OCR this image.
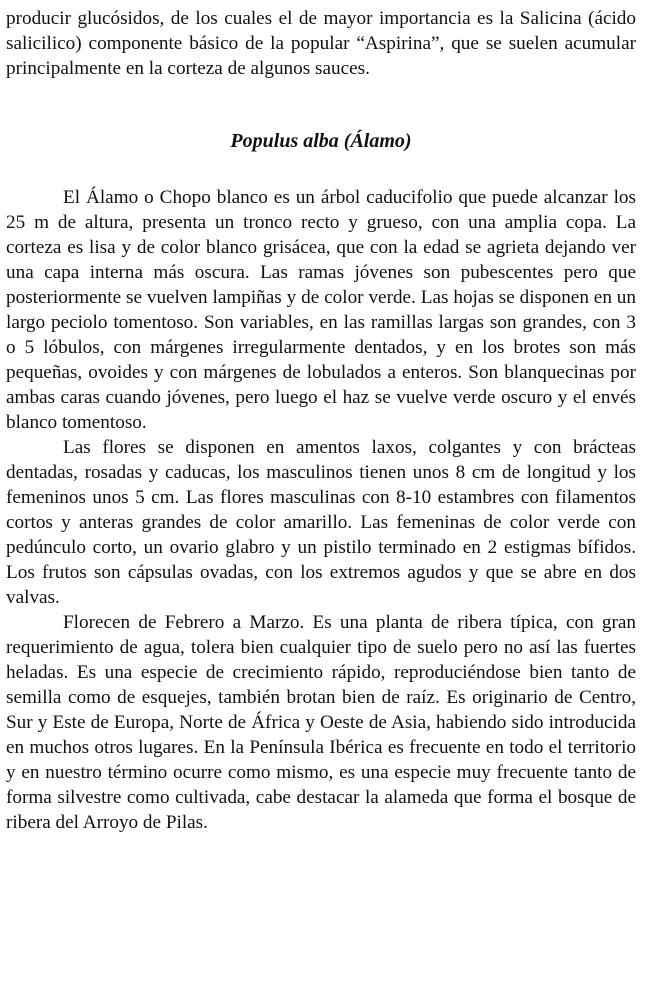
producir glucósidos, de los cuales el de mayor importancia es la Salicina (ácido salicilico) componente básico de la popular “Aspirina”, que se suelen acumular principalmente en la corteza de algunos sauces.

Populus alba (Álamo)

El Álamo o Chopo blanco es un árbol caducifolio que puede alcanzar los 25 m de altura, presenta un tronco recto y grueso, con una amplia copa. La corteza es lisa y de color blanco grisácea, que con la edad se agrieta dejando ver una capa interna más oscura. Las ramas jóvenes son pubescentes pero que posteriormente se vuelven lampiñas y de color verde. Las hojas se disponen en un largo peciolo tomentoso. Son variables, en las ramillas largas son grandes, con 3 o 5 lóbulos, con márgenes irregularmente dentados, y en los brotes son más pequeñas, ovoides y con márgenes de lobulados a enteros. Son blanquecinas por ambas caras cuando jóvenes, pero luego el haz se vuelve verde oscuro y el envés blanco tomentoso.

Las flores se disponen en amentos laxos, colgantes y con brácteas dentadas, rosadas y caducas, los masculinos tienen unos 8 cm de longitud y los femeninos unos 5 cm. Las flores masculinas con 8-10 estambres con filamentos cortos y anteras grandes de color amarillo. Las femeninas de color verde con pedúnculo corto, un ovario glabro y un pistilo terminado en 2 estigmas bífidos. Los frutos son cápsulas ovadas, con los extremos agudos y que se abre en dos valvas.

Florecen de Febrero a Marzo. Es una planta de ribera típica, con gran requerimiento de agua, tolera bien cualquier tipo de suelo pero no así las fuertes heladas. Es una especie de crecimiento rápido, reproduciéndose bien tanto de semilla como de esquejes, también brotan bien de raíz. Es originario de Centro, Sur y Este de Europa, Norte de África y Oeste de Asia, habiendo sido introducida en muchos otros lugares. En la Península Ibérica es frecuente en todo el territorio y en nuestro término ocurre como mismo, es una especie muy frecuente tanto de forma silvestre como cultivada, cabe destacar la alameda que forma el bosque de ribera del Arroyo de Pilas.
